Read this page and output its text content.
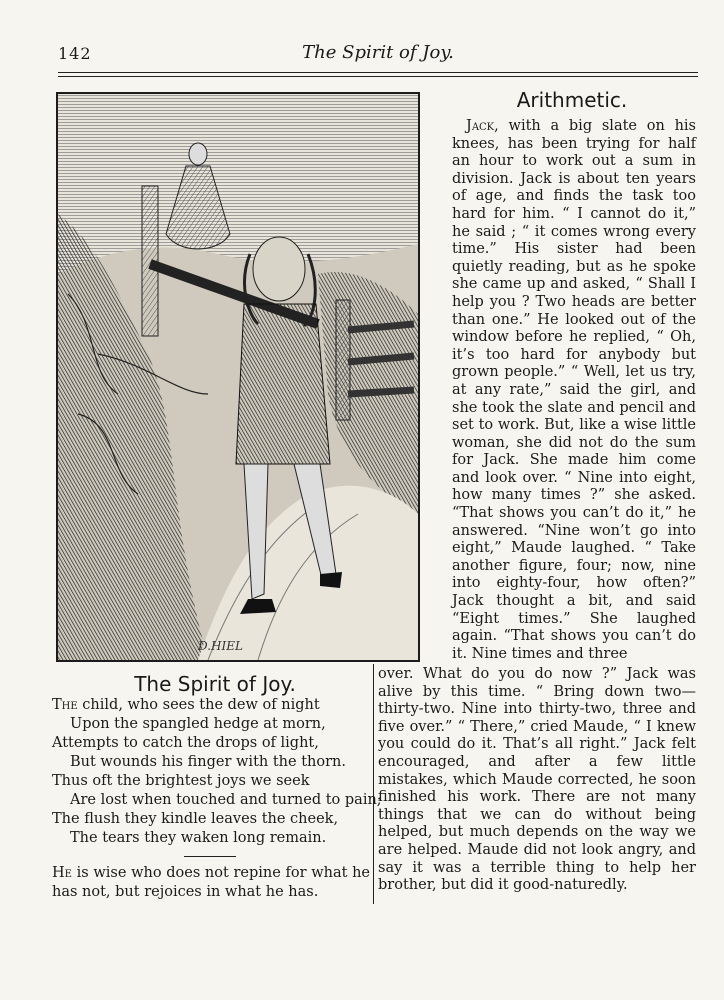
142	The Spirit of Joy.
D.HIEL
Arithmetic.

Jack, with a big slate on his knees, has been trying for half an hour to work out a sum in division. Jack is about ten years of age, and finds the task too hard for him. “ I cannot do it,” he said ; “ it comes wrong every time.” His sister had been quietly reading, but as he spoke she came up and asked, “ Shall I help you ? Two heads are better than one.” He looked out of the window before he replied, “ Oh, it’s too hard for anybody but grown people.” “ Well, let us try, at any rate,” said the girl, and she took the slate and pencil and set to work. But, like a wise little woman, she did not do the sum for Jack. She made him come and look over. “ Nine into eight, how many times ?” she asked. “That shows you can’t do it,” he answered. “Nine won’t go into eight,” Maude laughed. “ Take another figure, four; now, nine into eighty-four, how often?” Jack thought a bit, and said “Eight times.” She laughed again. “That shows you can’t do it. Nine times and three

The Spirit of Joy.
The child, who sees the dew of night
Upon the spangled hedge at morn,
Attempts to catch the drops of light,
But wounds his finger with the thorn.
Thus oft the brightest joys we seek
Are lost when touched and turned to pain;
The flush they kindle leaves the cheek,
The tears they waken long remain.

He is wise who does not repine for what he has not, but rejoices in what he has.

over. What do you do now ?” Jack was alive by this time. “ Bring down two—thirty-two. Nine into thirty-two, three and five over.” “ There,” cried Maude, “ I knew you could do it. That’s all right.” Jack felt encouraged, and after a few little mistakes, which Maude corrected, he soon finished his work. There are not many things that we can do without being helped, but much depends on the way we are helped. Maude did not look angry, and say it was a terrible thing to help her brother, but did it good-naturedly.
